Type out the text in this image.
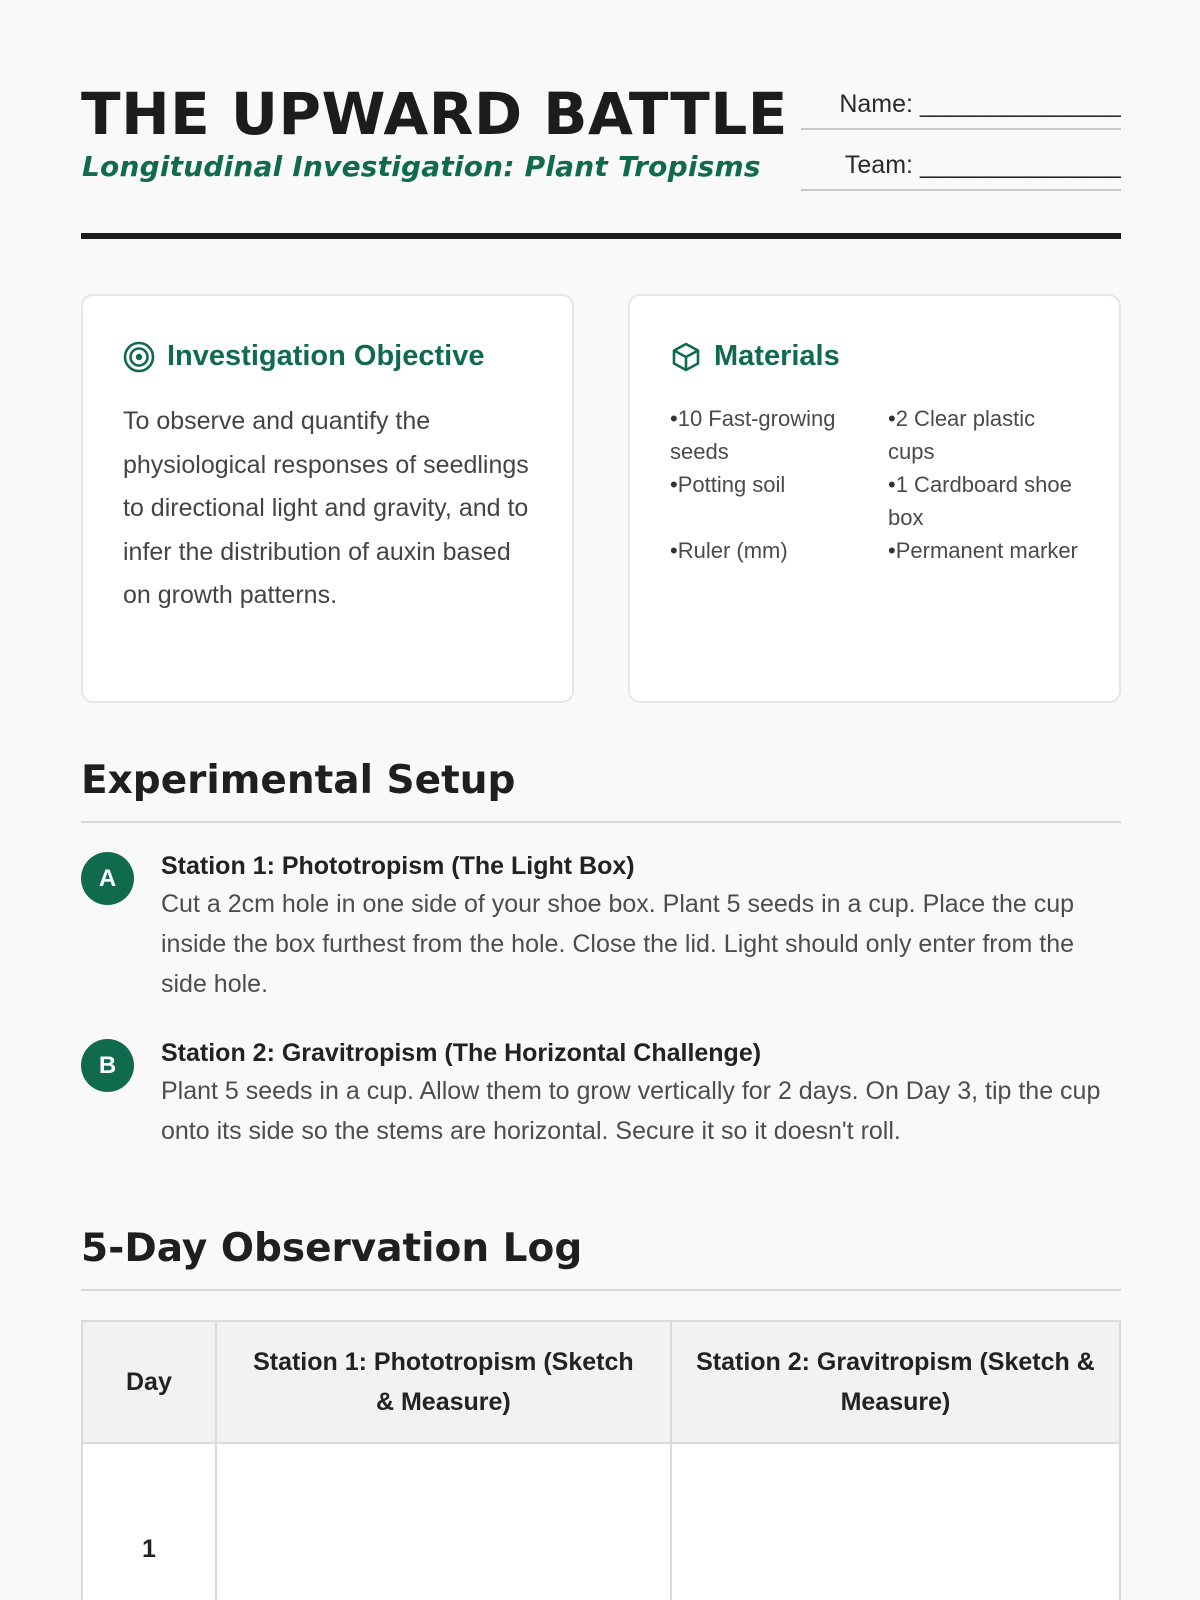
THE UPWARD BATTLE
Longitudinal Investigation: Plant Tropisms
Name: _______________
Team: _______________
Investigation Objective
To observe and quantify the physiological responses of seedlings to directional light and gravity, and to infer the distribution of auxin based on growth patterns.
Materials
• 10 Fast-growing seeds
• 2 Clear plastic cups
• Potting soil	• 1 Cardboard shoe box
• Ruler (mm)	• Permanent marker
Experimental Setup
A	Station 1: Phototropism (The Light Box)
Cut a 2cm hole in one side of your shoe box. Plant 5 seeds in a cup. Place the cup inside the box furthest from the hole. Close the lid. Light should only enter from the side hole.
B	Station 2: Gravitropism (The Horizontal Challenge)
Plant 5 seeds in a cup. Allow them to grow vertically for 2 days. On Day 3, tip the cup onto its side so the stems are horizontal. Secure it so it doesn't roll.
5-Day Observation Log
Day	Station 1: Phototropism (Sketch & Measure)	Station 2: Gravitropism (Sketch & Measure)
1		
